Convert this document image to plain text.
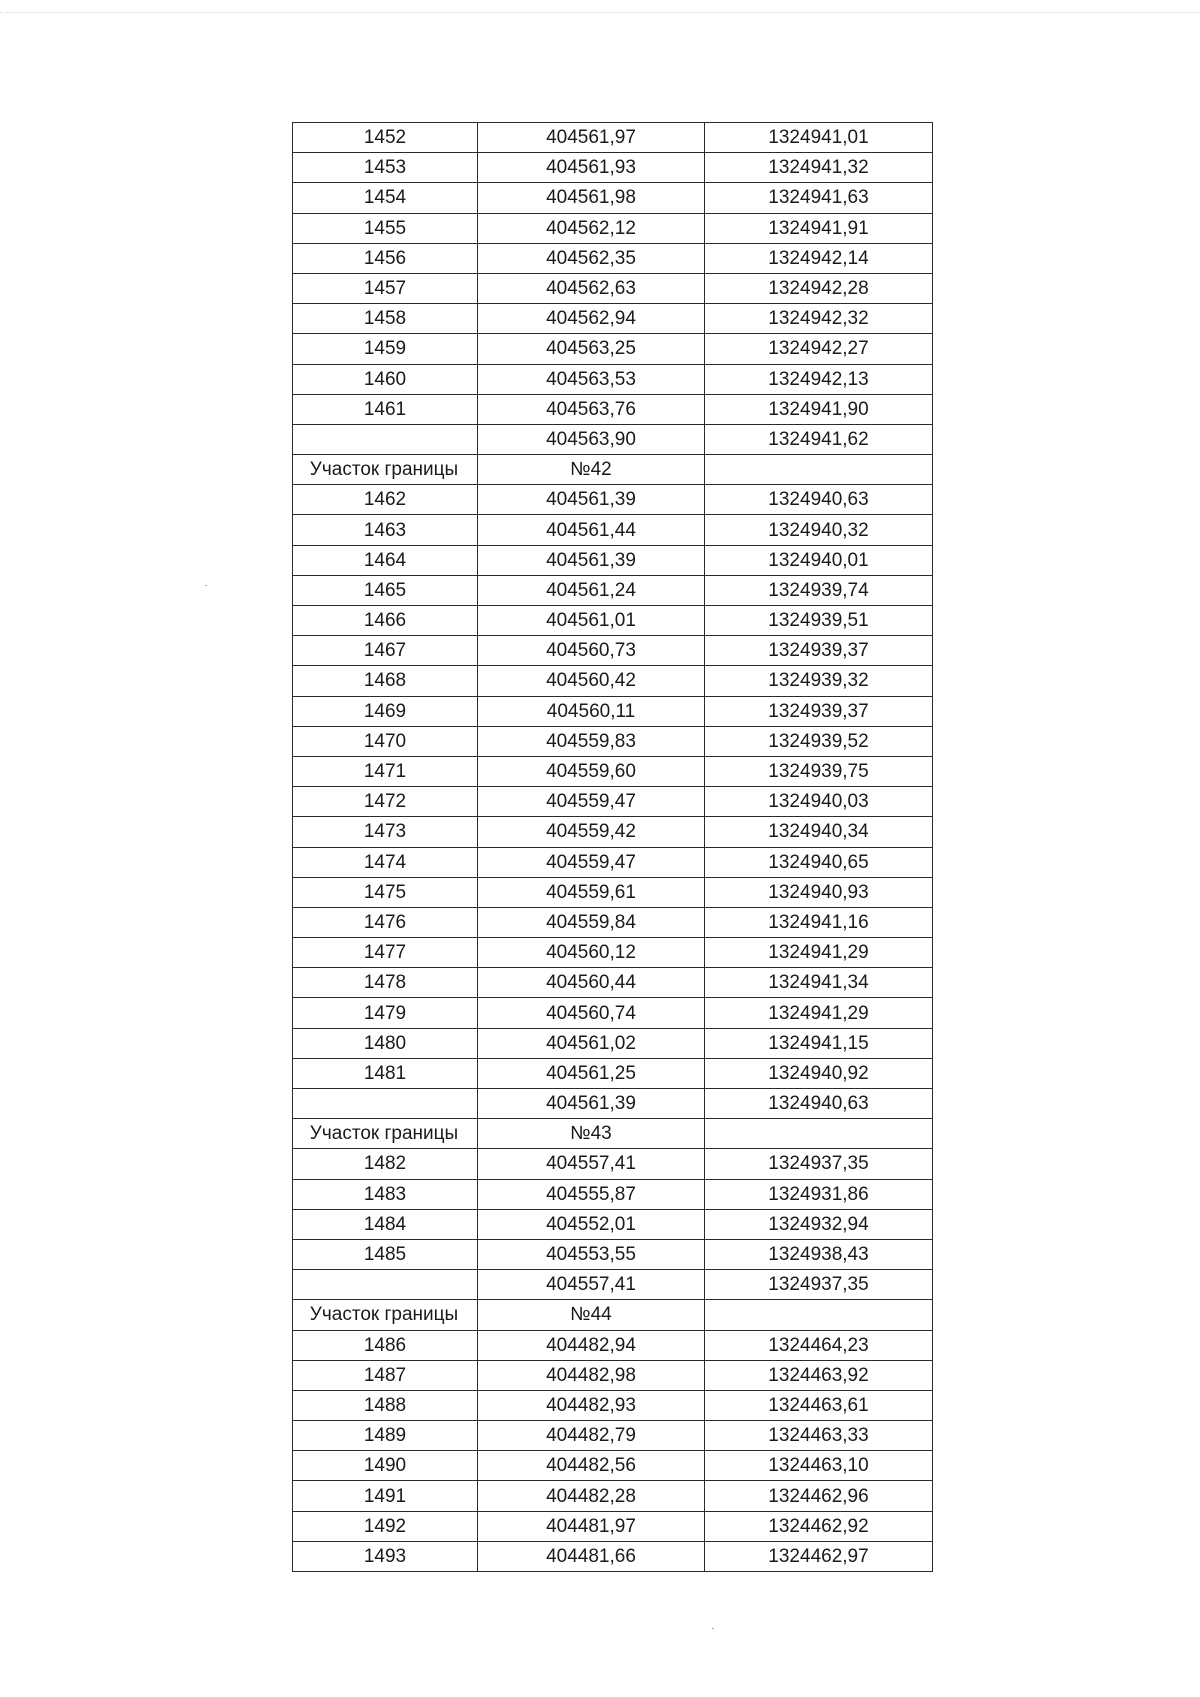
1452	404561,97	1324941,01
1453	404561,93	1324941,32
1454	404561,98	1324941,63
1455	404562,12	1324941,91
1456	404562,35	1324942,14
1457	404562,63	1324942,28
1458	404562,94	1324942,32
1459	404563,25	1324942,27
1460	404563,53	1324942,13
1461	404563,76	1324941,90
	404563,90	1324941,62
Участок границы	№42	
1462	404561,39	1324940,63
1463	404561,44	1324940,32
1464	404561,39	1324940,01
1465	404561,24	1324939,74
1466	404561,01	1324939,51
1467	404560,73	1324939,37
1468	404560,42	1324939,32
1469	404560,11	1324939,37
1470	404559,83	1324939,52
1471	404559,60	1324939,75
1472	404559,47	1324940,03
1473	404559,42	1324940,34
1474	404559,47	1324940,65
1475	404559,61	1324940,93
1476	404559,84	1324941,16
1477	404560,12	1324941,29
1478	404560,44	1324941,34
1479	404560,74	1324941,29
1480	404561,02	1324941,15
1481	404561,25	1324940,92
	404561,39	1324940,63
Участок границы	№43	
1482	404557,41	1324937,35
1483	404555,87	1324931,86
1484	404552,01	1324932,94
1485	404553,55	1324938,43
	404557,41	1324937,35
Участок границы	№44	
1486	404482,94	1324464,23
1487	404482,98	1324463,92
1488	404482,93	1324463,61
1489	404482,79	1324463,33
1490	404482,56	1324463,10
1491	404482,28	1324462,96
1492	404481,97	1324462,92
1493	404481,66	1324462,97
